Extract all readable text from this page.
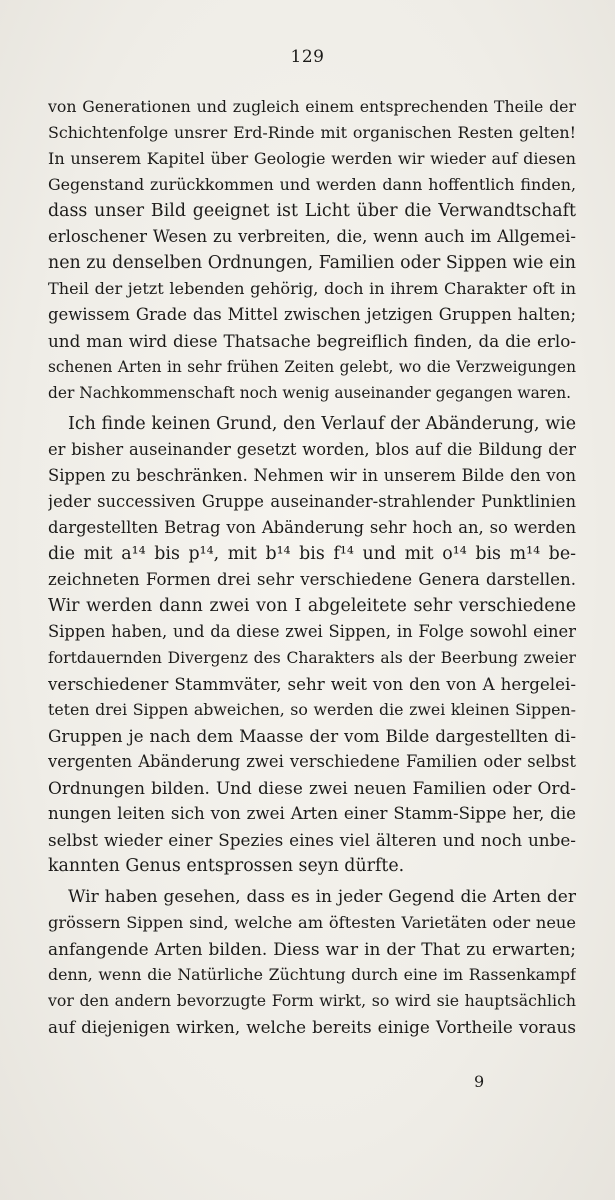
129
von Generationen und zugleich einem entsprechenden Theile der
Schichtenfolge unsrer Erd-Rinde mit organischen Resten gelten!
In unserem Kapitel über Geologie werden wir wieder auf diesen
Gegenstand zurückkommen und werden dann hoffentlich finden,
dass unser Bild geeignet ist Licht über die Verwandtschaft
erloschener Wesen zu verbreiten, die, wenn auch im Allgemei-
nen zu denselben Ordnungen, Familien oder Sippen wie ein
Theil der jetzt lebenden gehörig, doch in ihrem Charakter oft in
gewissem Grade das Mittel zwischen jetzigen Gruppen halten;
und man wird diese Thatsache begreiflich finden, da die erlo-
schenen Arten in sehr frühen Zeiten gelebt, wo die Verzweigungen
der Nachkommenschaft noch wenig auseinander gegangen waren.
Ich finde keinen Grund, den Verlauf der Abänderung, wie
er bisher auseinander gesetzt worden, blos auf die Bildung der
Sippen zu beschränken. Nehmen wir in unserem Bilde den von
jeder successiven Gruppe auseinander-strahlender Punktlinien
dargestellten Betrag von Abänderung sehr hoch an, so werden
die mit a¹⁴ bis p¹⁴, mit b¹⁴ bis f¹⁴ und mit o¹⁴ bis m¹⁴ be-
zeichneten Formen drei sehr verschiedene Genera darstellen.
Wir werden dann zwei von I abgeleitete sehr verschiedene
Sippen haben, und da diese zwei Sippen, in Folge sowohl einer
fortdauernden Divergenz des Charakters als der Beerbung zweier
verschiedener Stammväter, sehr weit von den von A hergelei-
teten drei Sippen abweichen, so werden die zwei kleinen Sippen-
Gruppen je nach dem Maasse der vom Bilde dargestellten di-
vergenten Abänderung zwei verschiedene Familien oder selbst
Ordnungen bilden. Und diese zwei neuen Familien oder Ord-
nungen leiten sich von zwei Arten einer Stamm-Sippe her, die
selbst wieder einer Spezies eines viel älteren und noch unbe-
kannten Genus entsprossen seyn dürfte.
Wir haben gesehen, dass es in jeder Gegend die Arten der
grössern Sippen sind, welche am öftesten Varietäten oder neue
anfangende Arten bilden. Diess war in der That zu erwarten;
denn, wenn die Natürliche Züchtung durch eine im Rassenkampf
vor den andern bevorzugte Form wirkt, so wird sie hauptsächlich
auf diejenigen wirken, welche bereits einige Vortheile voraus
9
